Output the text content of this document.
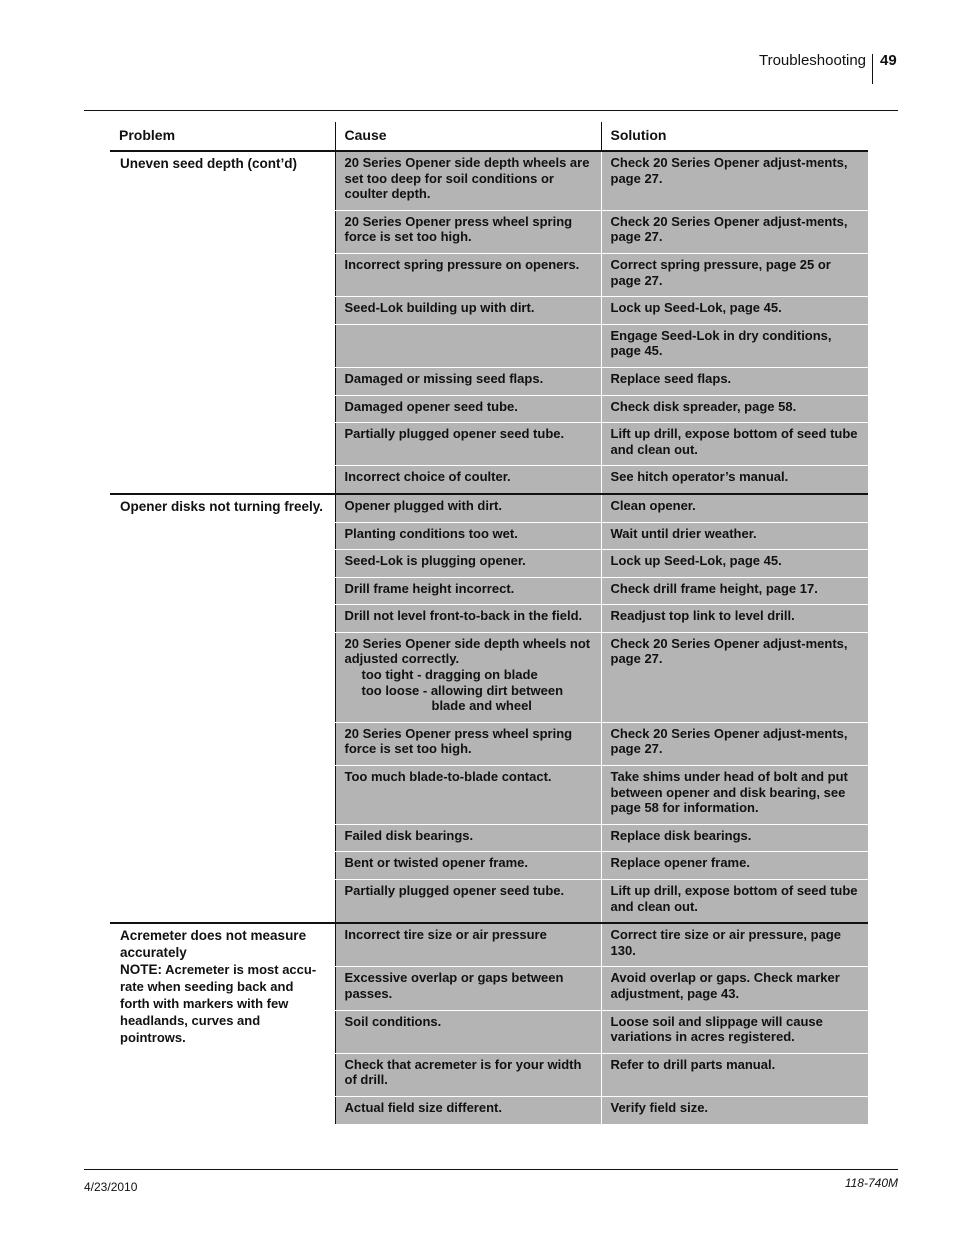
Troubleshooting 49
Problem	Cause	Solution
Uneven seed depth (cont’d)	20 Series Opener side depth wheels are set too deep for soil conditions or coulter depth.	Check 20 Series Opener adjust-ments, page 27.
	20 Series Opener press wheel spring force is set too high.	Check 20 Series Opener adjust-ments, page 27.
	Incorrect spring pressure on openers.	Correct spring pressure, page 25 or page 27.
	Seed-Lok building up with dirt.	Lock up Seed-Lok, page 45.
		Engage Seed-Lok in dry conditions, page 45.
	Damaged or missing seed flaps.	Replace seed flaps.
	Damaged opener seed tube.	Check disk spreader, page 58.
	Partially plugged opener seed tube.	Lift up drill, expose bottom of seed tube and clean out.
	Incorrect choice of coulter.	See hitch operator’s manual.
Opener disks not turning freely.	Opener plugged with dirt.	Clean opener.
	Planting conditions too wet.	Wait until drier weather.
	Seed-Lok is plugging opener.	Lock up Seed-Lok, page 45.
	Drill frame height incorrect.	Check drill frame height, page 17.
	Drill not level front-to-back in the field.	Readjust top link to level drill.
	20 Series Opener side depth wheels not adjusted correctly.
too tight - dragging on blade
too loose - allowing dirt between
blade and wheel	Check 20 Series Opener adjust-ments, page 27.
	20 Series Opener press wheel spring force is set too high.	Check 20 Series Opener adjust-ments, page 27.
	Too much blade-to-blade contact.	Take shims under head of bolt and put between opener and disk bearing, see page 58 for information.
	Failed disk bearings.	Replace disk bearings.
	Bent or twisted opener frame.	Replace opener frame.
	Partially plugged opener seed tube.	Lift up drill, expose bottom of seed tube and clean out.
Acremeter does not measure accurately
NOTE: Acremeter is most accu-rate when seeding back and forth with markers with few headlands, curves and pointrows.	Incorrect tire size or air pressure	Correct tire size or air pressure, page 130.
	Excessive overlap or gaps between passes.	Avoid overlap or gaps. Check marker adjustment, page 43.
	Soil conditions.	Loose soil and slippage will cause variations in acres registered.
	Check that acremeter is for your width of drill.	Refer to drill parts manual.
	Actual field size different.	Verify field size.
4/23/2010	118-740M
